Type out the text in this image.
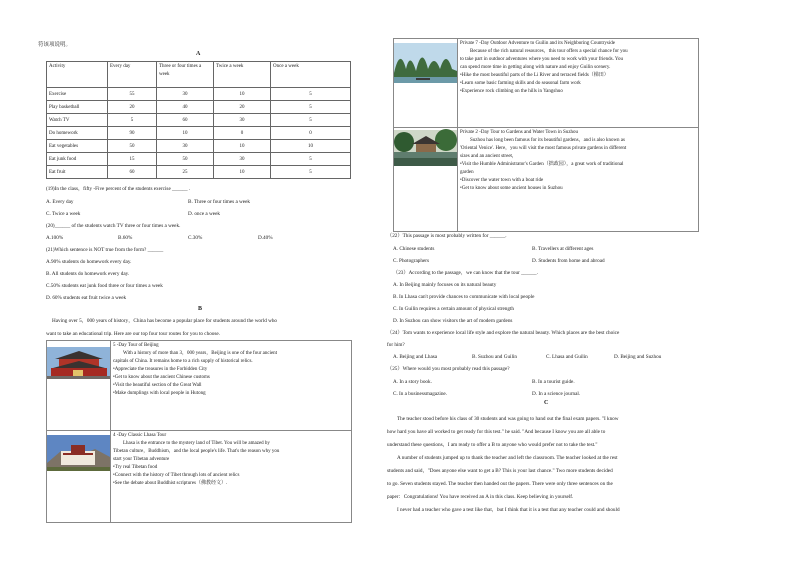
符该项说明。
A
Activity	Every day	Three or four times a week	Twice a week	Once a week
Exercise	55	30	10	5
Play basketball	20	40	20	5
Watch TV	5	60	30	5
Do homework	90	10	0	0
Eat vegetables	50	30	10	10
Eat junk food	15	50	30	5
Eat fruit	60	25	10	5
(19)In the class，fifty -Five percent of the students exercise ______ .
A. Every day	B. Three or four times a week
C. Twice a week	D. once a week
(20)______ of the students watch TV three or four times a week.
A.100%	B.60%	C.30%	D.40%
(21)Which sentence is NOT true from the form? ______
A.90% students do homework every day.
B. All students do homework every day.
C.50% students eat junk food three or four times a week
D. 60% students eat fruit twice a week
B
Having over 5，000 years of history，China has become a popular place for students around the world who
want to take an educational trip. Here are our top four tour routes for you to choose.
5 -Day Tour of Beijing
With a history of more than 3，000 years，Beijing is one of the four ancient
capitals of China. It remains home to a rich supply of historical relics.
•Appreciate the treasures in the Forbidden City
•Get to know about the ancient Chinese customs
•Visit the beautiful section of the Great Wall
•Make dumplings with local people in Hutong
4 -Day Classic Lhasa Tour
Lhasa is the entrance to the mystery land of Tibet. You will be amazed by
Tibetan culture，Buddhism，and the local people's life. That's the reason why you
start your Tibetan adventure
•Try real Tibetan food
•Connect with the history of Tibet through lots of ancient relics
•See the debate about Buddhist scriptures（佛教经文）.
Private 7 -Day Outdoor Adventure to Guilin and its Neighboring Countryside
Because of the rich natural resources，this tour offers a special chance for you
to take part in outdoor adventures where you need to work with your friends. You
can spend more time in getting along with nature and enjoy Guilin scenery.
•Hike the most beautiful parts of the Li River and terraced fields（梯田）
•Learn some basic farming skills and do seasonal farm work
•Experience rock climbing on the hills in Yangshuo
Private 2 -Day Tour to Gardens and Water Town in Suzhou
Suzhou has long been famous for its beautiful gardens，and is also known as
'Oriental Venice'. Here，you will visit the most famous private gardens in different
sizes and an ancient street，
•Visit the Humble Administrator's Garden（拙政园），a great work of traditional
garden
•Discover the water town with a boat ride
•Get to know about some ancient houses in Suzhou
（22）This passage is most probably written for ______.
A. Chinese students	B. Travellers at different ages
C. Photographers	D. Students from home and abroad
（23）According to the passage，we can know that the tour ______.
A. In Beijing mainly focuses on its natural beauty
B. In Lhasa can't provide chances to communicate with local people
C. In Guilin requires a certain amount of physical strength
D. In Suzhou can show visitors the art of modern gardens
（24）Tom wants to experience local life style and explore the natural beauty. Which places are the best choice
for him?
A. Beijing and Lhasa	B. Suzhou and Guilin	C. Lhasa and Guilin	D. Beijing and Suzhou
（25）Where would you most probably read this passage?
A. In a story book.	B. In a tourist guide.
C. In a businessmagazine.	D. In a science journal.
C
The teacher stood before his class of 30 students and was going to hand out the final exam papers. "I know
how hard you have all worked to get ready for this test." he said. "And because I know you are all able to
understand these questions，I am ready to offer a B to anyone who would prefer not to take the test."
A number of students jumped up to thank the teacher and left the classroom. The teacher looked at the rest
students and said，"Does anyone else want to get a B? This is your last chance." Two more students decided
to go. Seven students stayed. The teacher then handed out the papers. There were only three sentences on the
paper：Congratulations! You have received an A in this class. Keep believing in yourself.
I never had a teacher who gave a test like that，but I think that it is a test that any teacher could and should
